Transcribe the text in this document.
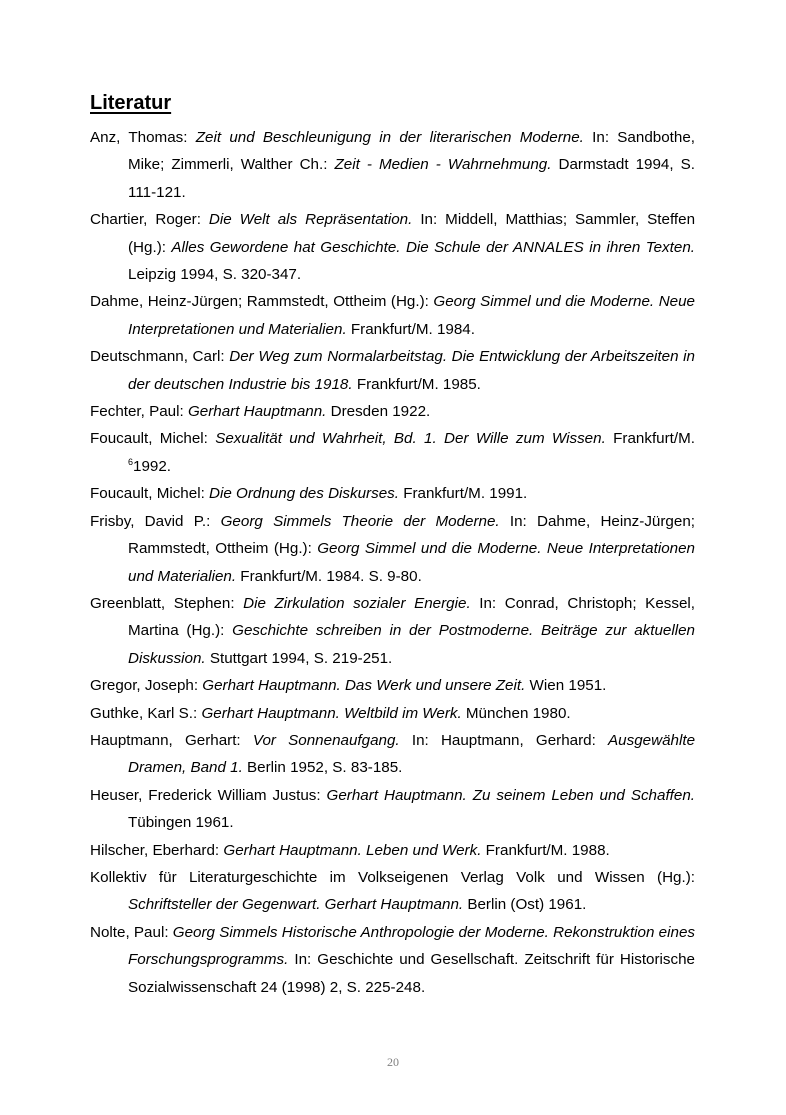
Literatur

Anz, Thomas: Zeit und Beschleunigung in der literarischen Moderne. In: Sandbothe, Mike; Zimmerli, Walther Ch.: Zeit - Medien - Wahrnehmung. Darmstadt 1994, S. 111-121.

Chartier, Roger: Die Welt als Repräsentation. In: Middell, Matthias; Sammler, Steffen (Hg.): Alles Gewordene hat Geschichte. Die Schule der ANNALES in ihren Texten. Leipzig 1994, S. 320-347.

Dahme, Heinz-Jürgen; Rammstedt, Ottheim (Hg.): Georg Simmel und die Moderne. Neue Interpretationen und Materialien. Frankfurt/M. 1984.

Deutschmann, Carl: Der Weg zum Normalarbeitstag. Die Entwicklung der Arbeitszeiten in der deutschen Industrie bis 1918. Frankfurt/M. 1985.

Fechter, Paul: Gerhart Hauptmann. Dresden 1922.

Foucault, Michel: Sexualität und Wahrheit, Bd. 1. Der Wille zum Wissen. Frankfurt/M. $^6$1992.

Foucault, Michel: Die Ordnung des Diskurses. Frankfurt/M. 1991.

Frisby, David P.: Georg Simmels Theorie der Moderne. In: Dahme, Heinz-Jürgen; Rammstedt, Ottheim (Hg.): Georg Simmel und die Moderne. Neue Interpretationen und Materialien. Frankfurt/M. 1984. S. 9-80.

Greenblatt, Stephen: Die Zirkulation sozialer Energie. In: Conrad, Christoph; Kessel, Martina (Hg.): Geschichte schreiben in der Postmoderne. Beiträge zur aktuellen Diskussion. Stuttgart 1994, S. 219-251.

Gregor, Joseph: Gerhart Hauptmann. Das Werk und unsere Zeit. Wien 1951.

Guthke, Karl S.: Gerhart Hauptmann. Weltbild im Werk. München 1980.

Hauptmann, Gerhart: Vor Sonnenaufgang. In: Hauptmann, Gerhard: Ausgewählte Dramen, Band 1. Berlin 1952, S. 83-185.

Heuser, Frederick William Justus: Gerhart Hauptmann. Zu seinem Leben und Schaffen. Tübingen 1961.

Hilscher, Eberhard: Gerhart Hauptmann. Leben und Werk. Frankfurt/M. 1988.

Kollektiv für Literaturgeschichte im Volkseigenen Verlag Volk und Wissen (Hg.): Schriftsteller der Gegenwart. Gerhart Hauptmann. Berlin (Ost) 1961.

Nolte, Paul: Georg Simmels Historische Anthropologie der Moderne. Rekonstruktion eines Forschungsprogramms. In: Geschichte und Gesellschaft. Zeitschrift für Historische Sozialwissenschaft 24 (1998) 2, S. 225-248.

20
